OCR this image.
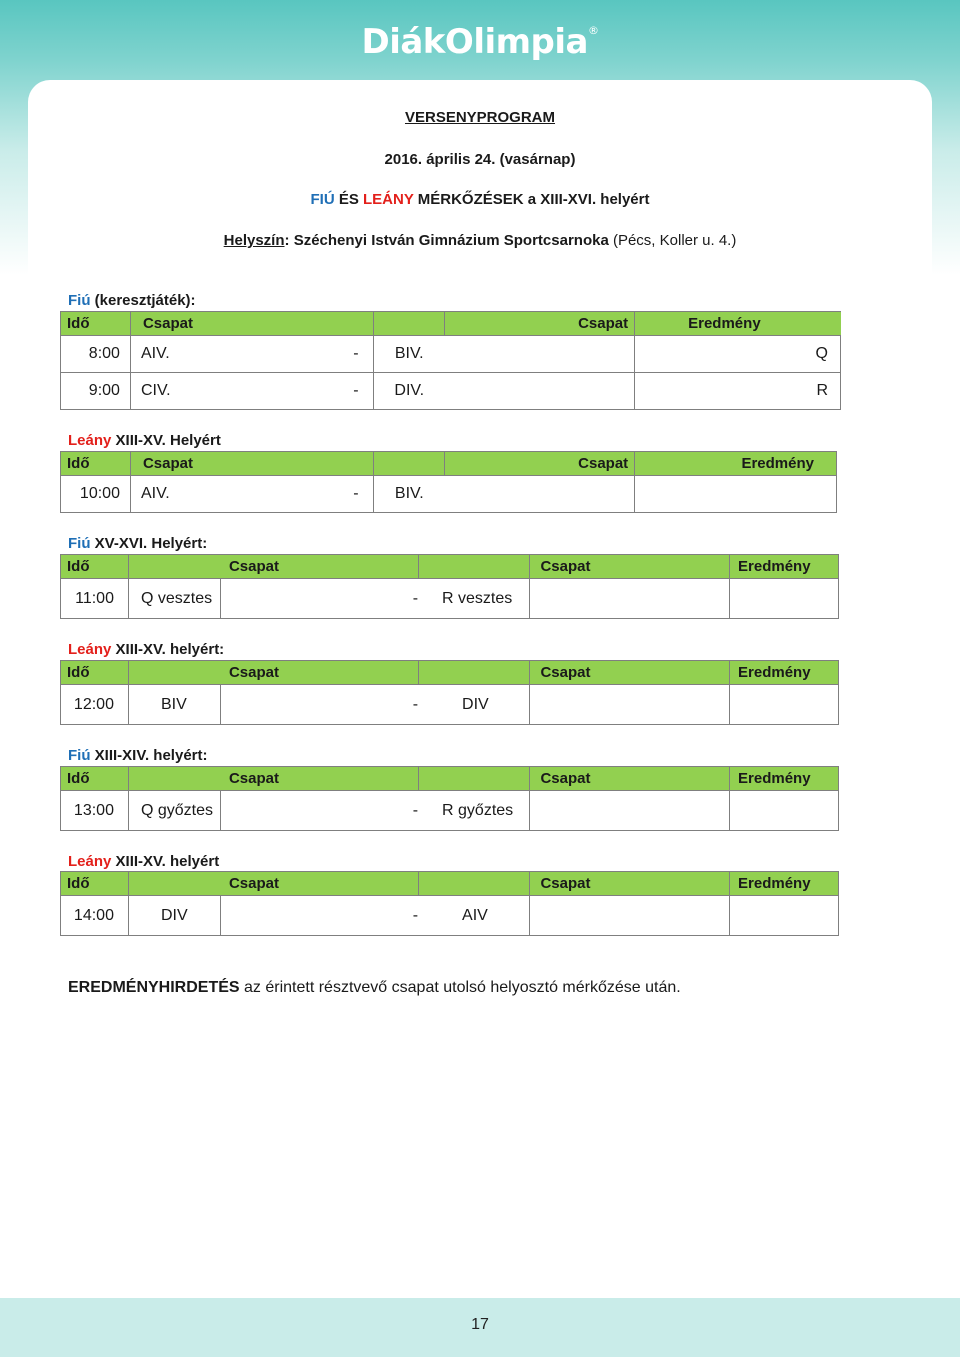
DiákOlimpia®
VERSENYPROGRAM
2016. április 24. (vasárnap)
FIÚ ÉS LEÁNY MÉRKŐZÉSEK a XIII-XVI. helyért
Helyszín: Széchenyi István Gimnázium Sportcsarnoka (Pécs, Koller u. 4.)
Fiú (keresztjáték):
Idő	Csapat			Csapat	Eredmény
8:00	AIV.	-	BIV.		Q
9:00	CIV.	-	DIV.		R
Leány XIII-XV. Helyért
Idő	Csapat			Csapat	Eredmény
10:00	AIV.	-	BIV.		
Fiú XV-XVI. Helyért:
Idő	Csapat			Csapat	Eredmény
11:00	Q vesztes	-	R vesztes		
Leány XIII-XV. helyért:
Idő	Csapat			Csapat	Eredmény
12:00	BIV	-	DIV		
Fiú XIII-XIV. helyért:
Idő	Csapat			Csapat	Eredmény
13:00	Q győztes	-	R győztes		
Leány XIII-XV. helyért
Idő	Csapat			Csapat	Eredmény
14:00	DIV	-	AIV		
EREDMÉNYHIRDETÉS az érintett résztvevő csapat utolsó helyosztó mérkőzése után.
17
